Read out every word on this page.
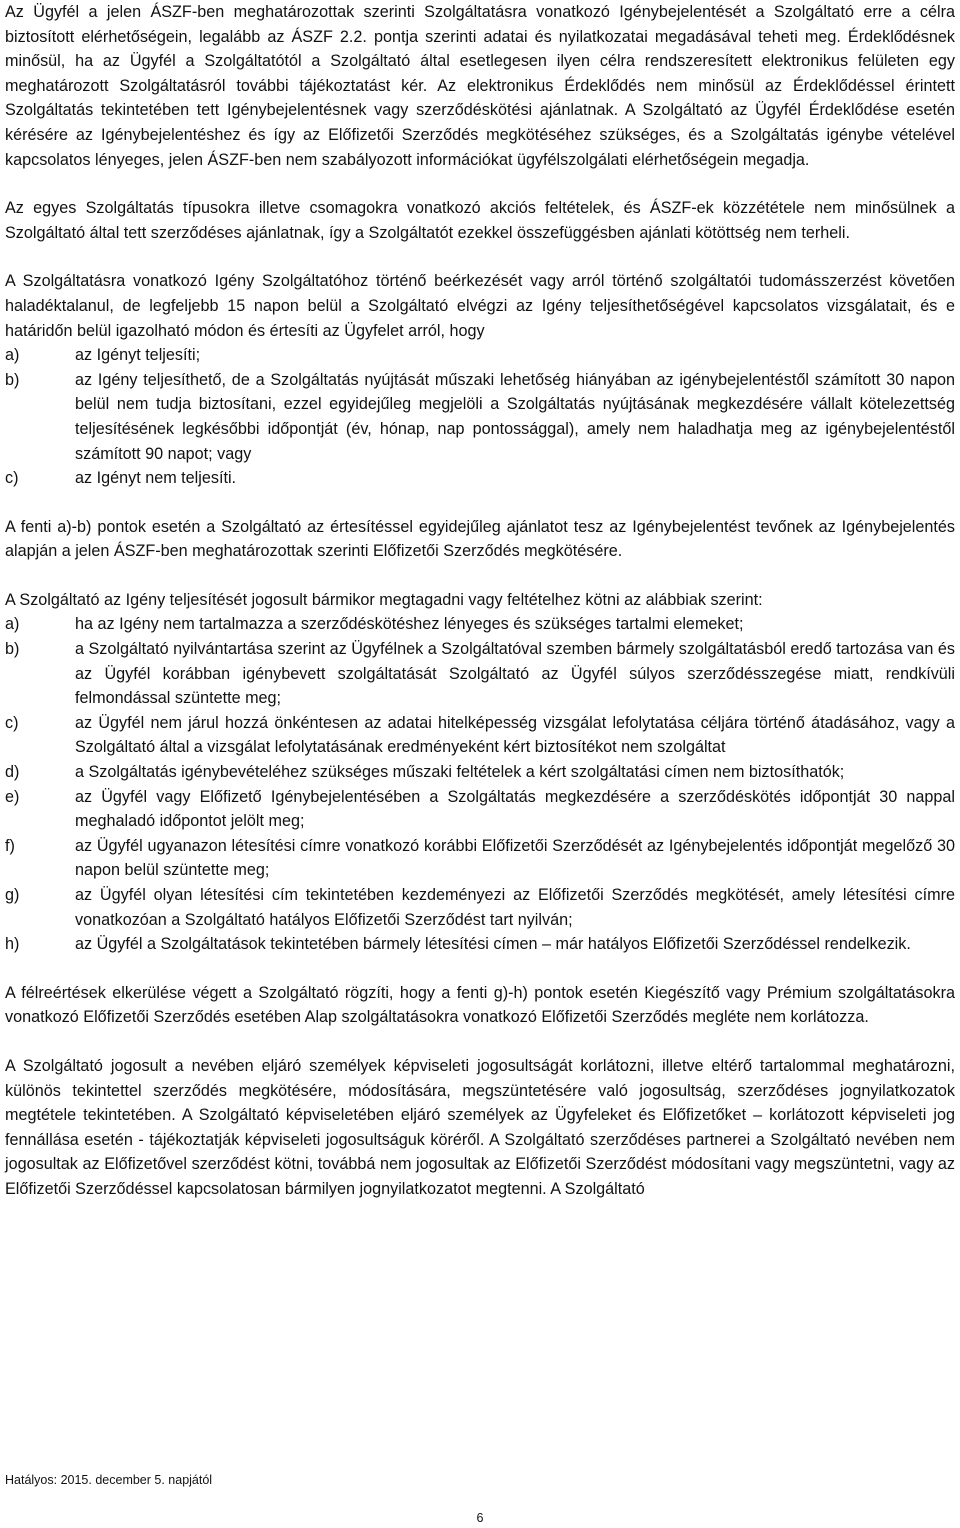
Az Ügyfél a jelen ÁSZF-ben meghatározottak szerinti Szolgáltatásra vonatkozó Igénybejelentését a Szolgáltató erre a célra biztosított elérhetőségein, legalább az ÁSZF 2.2. pontja szerinti adatai és nyilatkozatai megadásával teheti meg. Érdeklődésnek minősül, ha az Ügyfél a Szolgáltatótól a Szolgáltató által esetlegesen ilyen célra rendszeresített elektronikus felületen egy meghatározott Szolgáltatásról további tájékoztatást kér. Az elektronikus Érdeklődés nem minősül az Érdeklődéssel érintett Szolgáltatás tekintetében tett Igénybejelentésnek vagy szerződéskötési ajánlatnak. A Szolgáltató az Ügyfél Érdeklődése esetén kérésére az Igénybejelentéshez és így az Előfizetői Szerződés megkötéséhez szükséges, és a Szolgáltatás igénybe vételével kapcsolatos lényeges, jelen ÁSZF-ben nem szabályozott információkat ügyfélszolgálati elérhetőségein megadja.

Az egyes Szolgáltatás típusokra illetve csomagokra vonatkozó akciós feltételek, és ÁSZF-ek közzététele nem minősülnek a Szolgáltató által tett szerződéses ajánlatnak, így a Szolgáltatót ezekkel összefüggésben ajánlati kötöttség nem terheli.

A Szolgáltatásra vonatkozó Igény Szolgáltatóhoz történő beérkezését vagy arról történő szolgáltatói tudomásszerzést követően haladéktalanul, de legfeljebb 15 napon belül a Szolgáltató elvégzi az Igény teljesíthetőségével kapcsolatos vizsgálatait, és e határidőn belül igazolható módon és értesíti az Ügyfelet arról, hogy

a)	az Igényt teljesíti;
b)	az Igény teljesíthető, de a Szolgáltatás nyújtását műszaki lehetőség hiányában az igénybejelentéstől számított 30 napon belül nem tudja biztosítani, ezzel egyidejűleg megjelöli a Szolgáltatás nyújtásának megkezdésére vállalt kötelezettség teljesítésének legkésőbbi időpontját (év, hónap, nap pontossággal), amely nem haladhatja meg az igénybejelentéstől számított 90 napot; vagy
c)	az Igényt nem teljesíti.

A fenti a)-b) pontok esetén a Szolgáltató az értesítéssel egyidejűleg ajánlatot tesz az Igénybejelentést tevőnek az Igénybejelentés alapján a jelen ÁSZF-ben meghatározottak szerinti Előfizetői Szerződés megkötésére.

A Szolgáltató az Igény teljesítését jogosult bármikor megtagadni vagy feltételhez kötni az alábbiak szerint:

a)	ha az Igény nem tartalmazza a szerződéskötéshez lényeges és szükséges tartalmi elemeket;
b)	a Szolgáltató nyilvántartása szerint az Ügyfélnek a Szolgáltatóval szemben bármely szolgáltatásból eredő tartozása van és az Ügyfél korábban igénybevett szolgáltatását Szolgáltató az Ügyfél súlyos szerződésszegése miatt, rendkívüli felmondással szüntette meg;
c)	az Ügyfél nem járul hozzá önkéntesen az adatai hitelképesség vizsgálat lefolytatása céljára történő átadásához, vagy a Szolgáltató által a vizsgálat lefolytatásának eredményeként kért biztosítékot nem szolgáltat
d)	a Szolgáltatás igénybevételéhez szükséges műszaki feltételek a kért szolgáltatási címen nem biztosíthatók;
e)	az Ügyfél vagy Előfizető Igénybejelentésében a Szolgáltatás megkezdésére a szerződéskötés időpontját 30 nappal meghaladó időpontot jelölt meg;
f)	az Ügyfél ugyanazon létesítési címre vonatkozó korábbi Előfizetői Szerződését az Igénybejelentés időpontját megelőző 30 napon belül szüntette meg;
g)	az Ügyfél olyan létesítési cím tekintetében kezdeményezi az Előfizetői Szerződés megkötését, amely létesítési címre vonatkozóan a Szolgáltató hatályos Előfizetői Szerződést tart nyilván;
h)	az Ügyfél a Szolgáltatások tekintetében bármely létesítési címen – már hatályos Előfizetői Szerződéssel rendelkezik.

A félreértések elkerülése végett a Szolgáltató rögzíti, hogy a fenti g)-h) pontok esetén Kiegészítő vagy Prémium szolgáltatásokra vonatkozó Előfizetői Szerződés esetében Alap szolgáltatásokra vonatkozó Előfizetői Szerződés megléte nem korlátozza.

A Szolgáltató jogosult a nevében eljáró személyek képviseleti jogosultságát korlátozni, illetve eltérő tartalommal meghatározni, különös tekintettel szerződés megkötésére, módosítására, megszüntetésére való jogosultság, szerződéses jognyilatkozatok megtétele tekintetében. A Szolgáltató képviseletében eljáró személyek az Ügyfeleket és Előfizetőket – korlátozott képviseleti jog fennállása esetén - tájékoztatják képviseleti jogosultságuk köréről. A Szolgáltató szerződéses partnerei a Szolgáltató nevében nem jogosultak az Előfizetővel szerződést kötni, továbbá nem jogosultak az Előfizetői Szerződést módosítani vagy megszüntetni, vagy az Előfizetői Szerződéssel kapcsolatosan bármilyen jognyilatkozatot megtenni. A Szolgáltató

Hatályos: 2015. december 5. napjától
6
